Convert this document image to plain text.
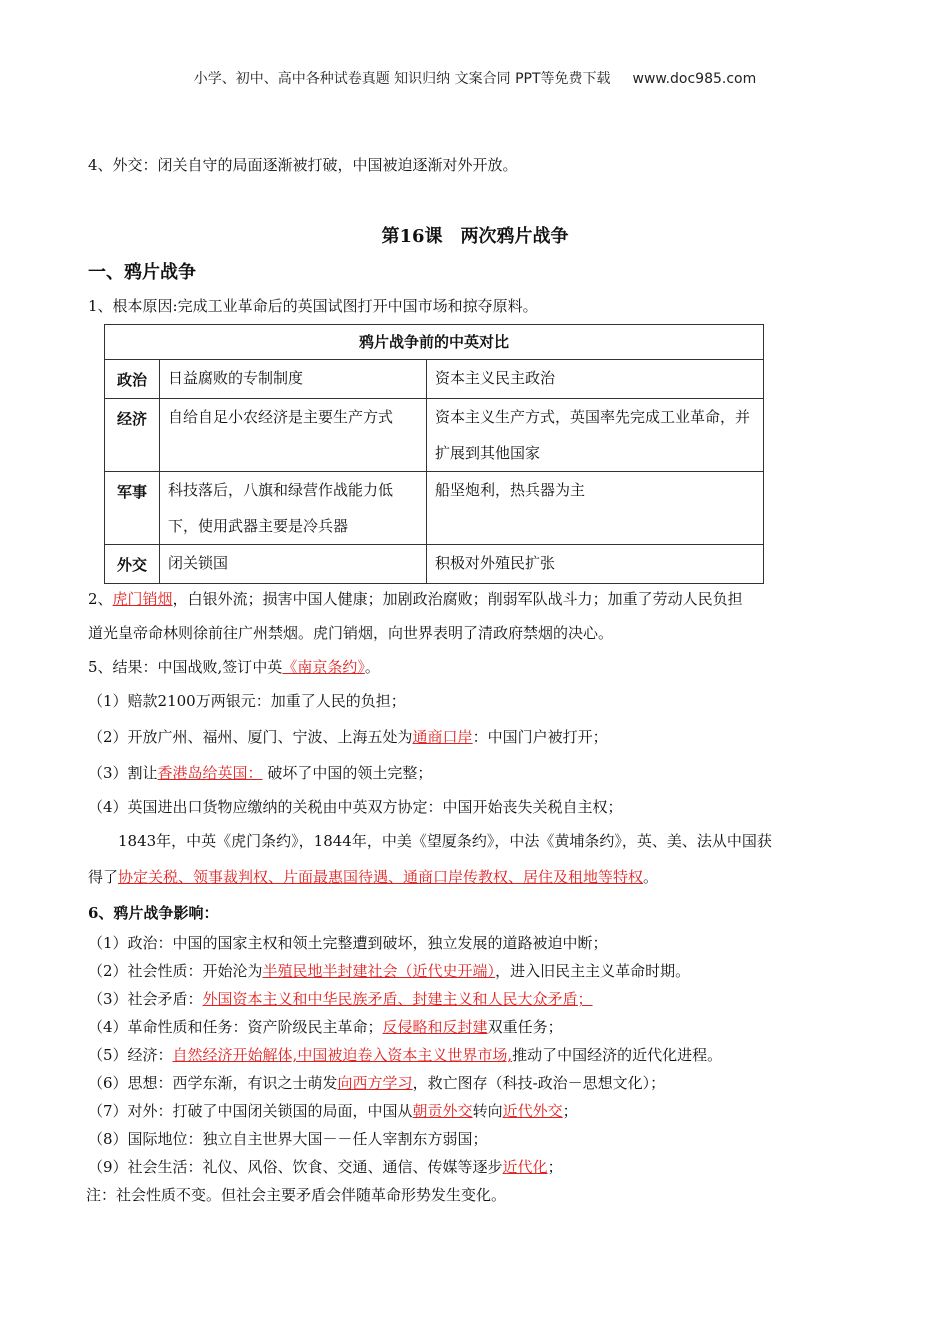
小学、初中、高中各种试卷真题 知识归纳 文案合同 PPT等免费下载 www.doc985.com
4、外交：闭关自守的局面逐渐被打破，中国被迫逐渐对外开放。
第16课　两次鸦片战争
一、鸦片战争
1、根本原因:完成工业革命后的英国试图打开中国市场和掠夺原料。
鸦片战争前的中英对比		
政治	日益腐败的专制制度	资本主义民主政治
经济	自给自足小农经济是主要生产方式	资本主义生产方式，英国率先完成工业革命，并扩展到其他国家
军事	科技落后，八旗和绿营作战能力低下，使用武器主要是冷兵器	船坚炮利，热兵器为主
外交	闭关锁国	积极对外殖民扩张
2、虎门销烟，白银外流；损害中国人健康；加剧政治腐败；削弱军队战斗力；加重了劳动人民负担
道光皇帝命林则徐前往广州禁烟。虎门销烟，向世界表明了清政府禁烟的决心。
5、结果：中国战败,签订中英《南京条约》。
（1）赔款2100万两银元：加重了人民的负担；
（2）开放广州、福州、厦门、宁波、上海五处为通商口岸：中国门户被打开；
（3）割让香港岛给英国： 破坏了中国的领土完整；
（4）英国进出口货物应缴纳的关税由中英双方协定：中国开始丧失关税自主权；
1843年，中英《虎门条约》，1844年，中美《望厦条约》，中法《黄埔条约》，英、美、法从中国获
得了协定关税、领事裁判权、片面最惠国待遇、通商口岸传教权、居住及租地等特权。
6、鸦片战争影响：
（1）政治：中国的国家主权和领土完整遭到破坏，独立发展的道路被迫中断；
（2）社会性质：开始沦为半殖民地半封建社会（近代史开端），进入旧民主主义革命时期。
（3）社会矛盾：外国资本主义和中华民族矛盾、封建主义和人民大众矛盾；
（4）革命性质和任务：资产阶级民主革命；反侵略和反封建双重任务；
（5）经济：自然经济开始解体,中国被迫卷入资本主义世界市场,推动了中国经济的近代化进程。
（6）思想：西学东渐，有识之士萌发向西方学习，救亡图存（科技-政治－思想文化）；
（7）对外：打破了中国闭关锁国的局面，中国从朝贡外交转向近代外交；
（8）国际地位：独立自主世界大国－－任人宰割东方弱国；
（9）社会生活：礼仪、风俗、饮食、交通、通信、传媒等逐步近代化；
注：社会性质不变。但社会主要矛盾会伴随革命形势发生变化。
